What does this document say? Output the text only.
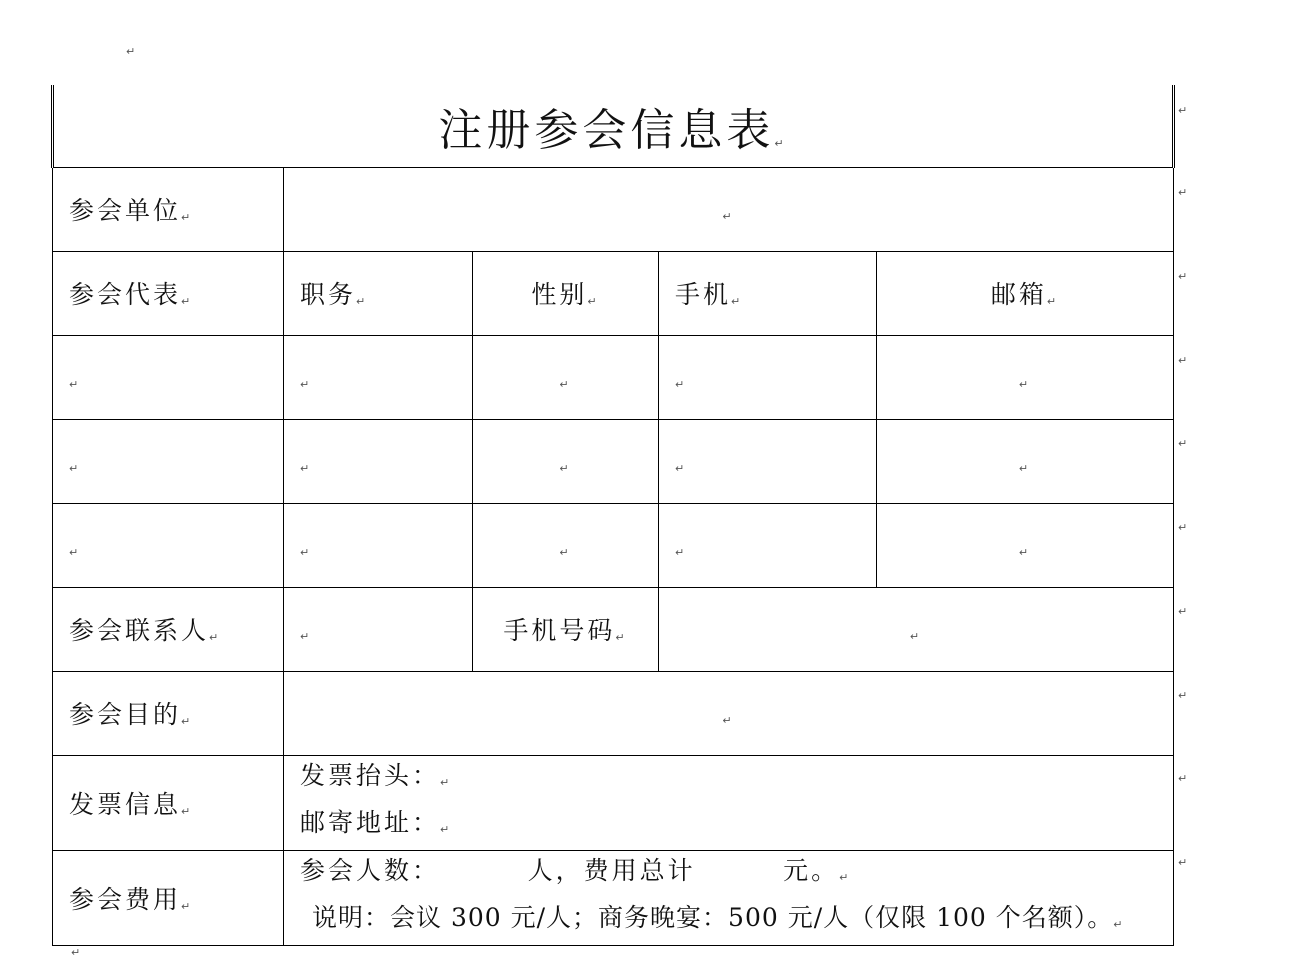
↵
注册参会信息表↵				
参会单位↵	↵			
参会代表↵	职务↵	性别↵	手机↵	邮箱↵
↵	↵	↵	↵	↵
↵	↵	↵	↵	↵
↵	↵	↵	↵	↵
参会联系人↵	↵	手机号码↵	↵	
参会目的↵	↵			
发票信息↵	发票抬头：↵
邮寄地址：↵			

参会费用↵	参会人数：        人，费用总计        元。↵
说明：会议 300 元/人；商务晚宴：500 元/人（仅限 100 个名额）。↵			
↵
↵
↵
↵
↵
↵
↵
↵
↵
↵
↵
